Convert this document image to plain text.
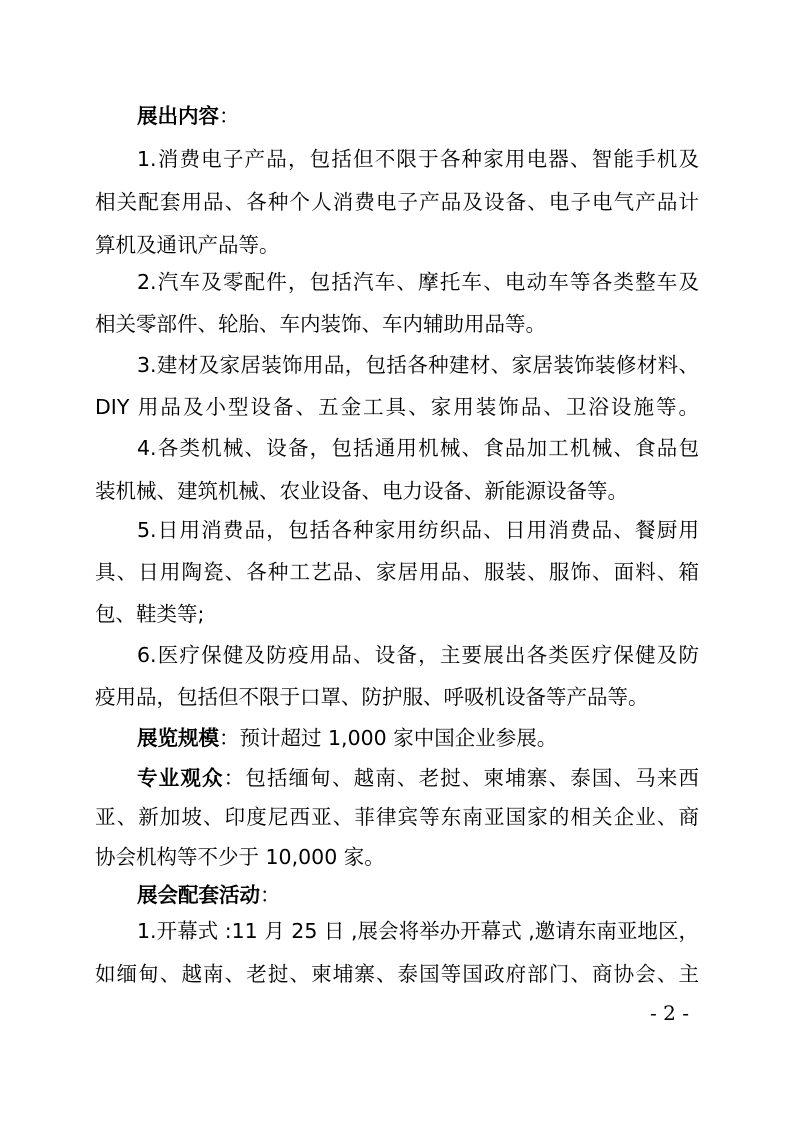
展出内容：
1.消费电子产品，包括但不限于各种家用电器、智能手机及
相关配套用品、各种个人消费电子产品及设备、电子电气产品计
算机及通讯产品等。
2.汽车及零配件，包括汽车、摩托车、电动车等各类整车及
相关零部件、轮胎、车内装饰、车内辅助用品等。
3.建材及家居装饰用品，包括各种建材、家居装饰装修材料、
DIY 用品及小型设备、五金工具、家用装饰品、卫浴设施等。
4.各类机械、设备，包括通用机械、食品加工机械、食品包
装机械、建筑机械、农业设备、电力设备、新能源设备等。
5.日用消费品，包括各种家用纺织品、日用消费品、餐厨用
具、日用陶瓷、各种工艺品、家居用品、服装、服饰、面料、箱
包、鞋类等;
6.医疗保健及防疫用品、设备，主要展出各类医疗保健及防
疫用品，包括但不限于口罩、防护服、呼吸机设备等产品等。
展览规模：预计超过 1,000 家中国企业参展。
专业观众：包括缅甸、越南、老挝、柬埔寨、泰国、马来西
亚、新加坡、印度尼西亚、菲律宾等东南亚国家的相关企业、商
协会机构等不少于 10,000 家。
展会配套活动：
1.开幕式 :11 月 25 日 ,展会将举办开幕式 ,邀请东南亚地区，
如缅甸、越南、老挝、柬埔寨、泰国等国政府部门、商协会、主
- 2 -
